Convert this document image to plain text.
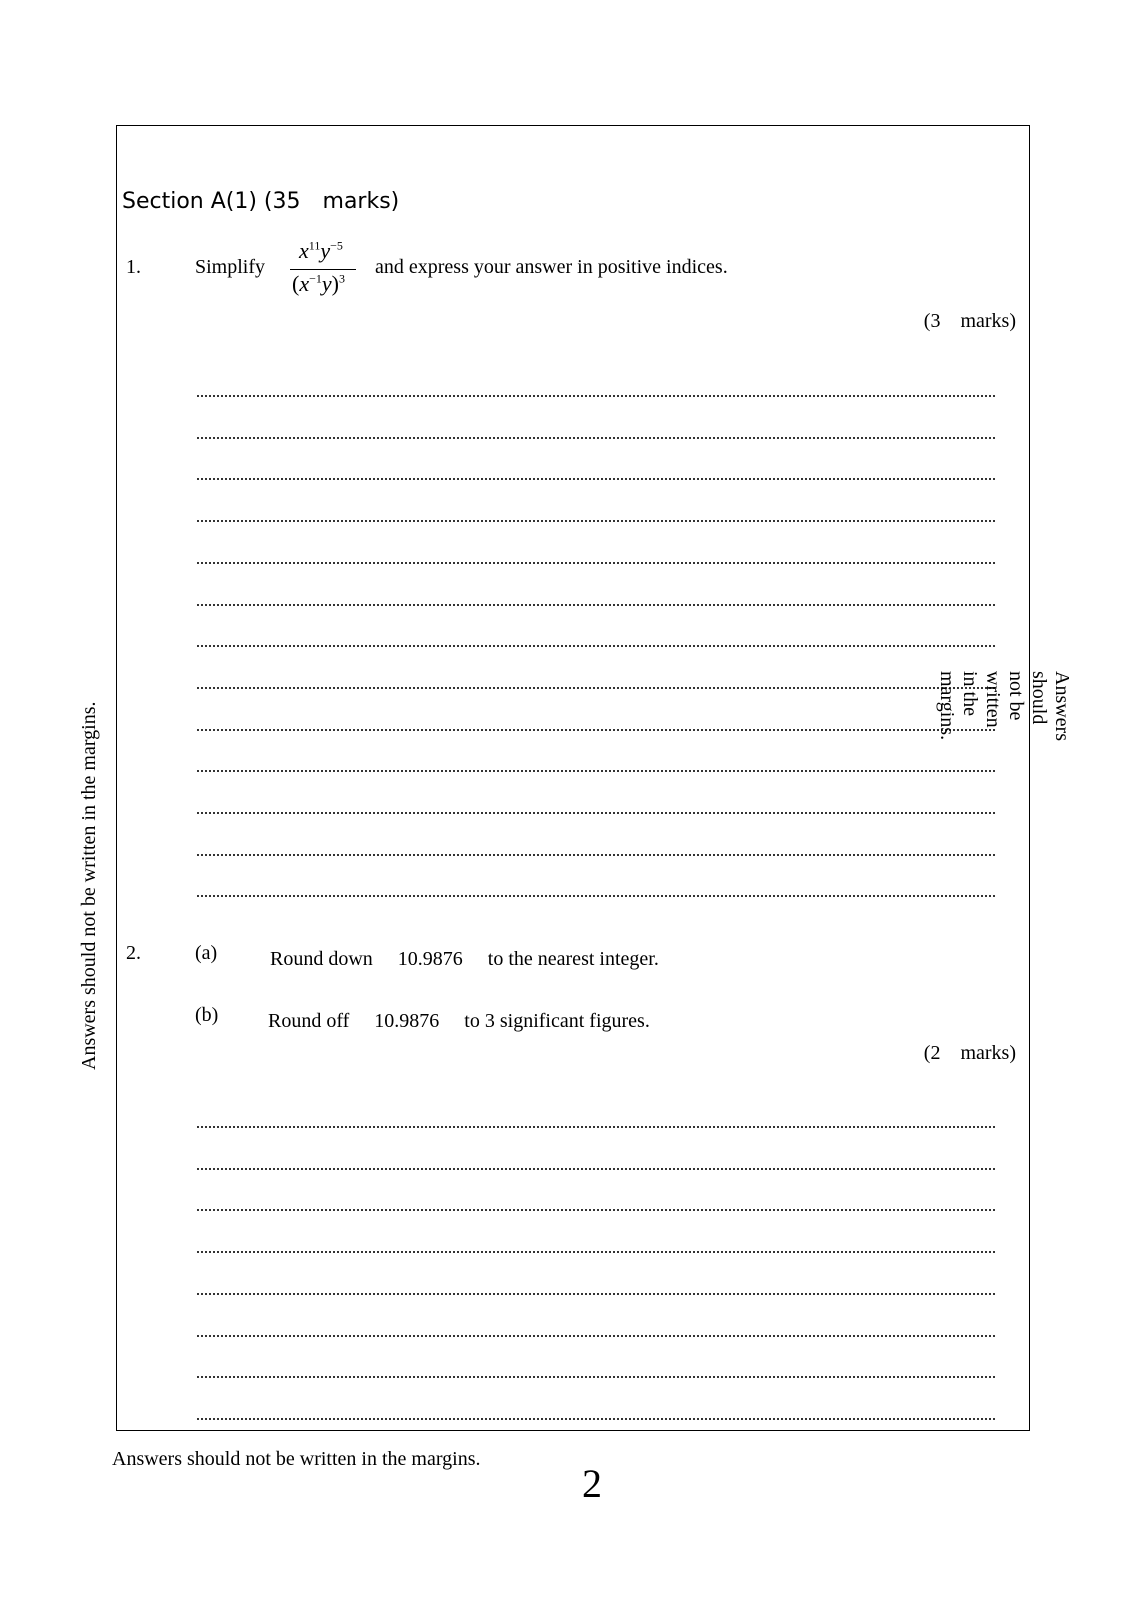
Section A(1) (35　marks)
1.	Simplify
$x^{11}y^{-5}$
$(x^{-1}y)^3$
and express your answer in positive indices.
(3　marks)
2.	(a)	Round down　 10.9876　 to the nearest integer.
(b) Round off　 10.9876　 to 3 significant figures.
(2　marks)
Answers should not be written in the margins.	Answers should not be written in the margins.
Answers should not be written in the margins.
2
